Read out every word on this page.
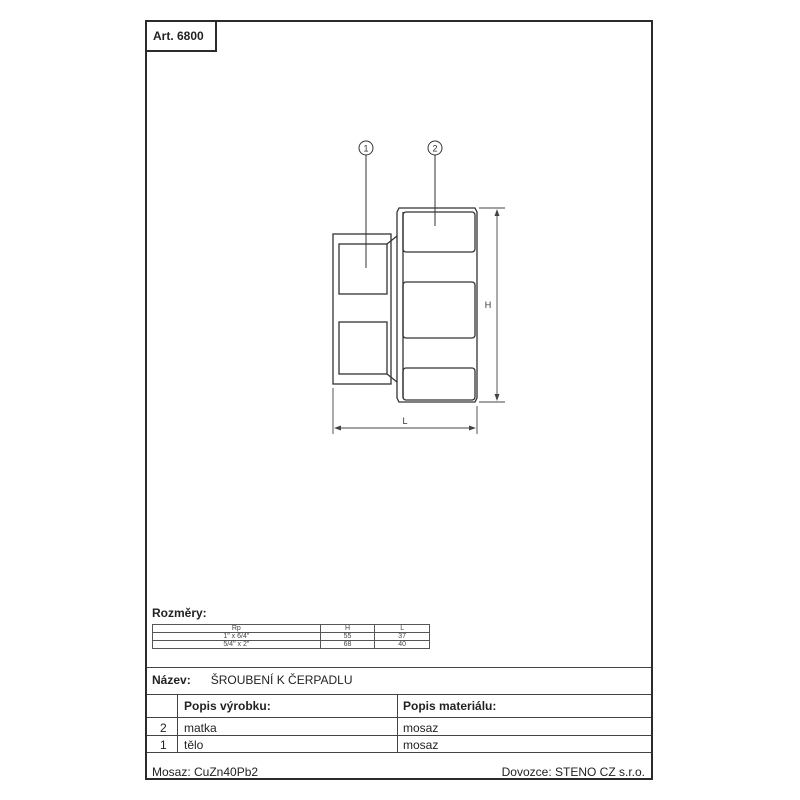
Art. 6800
1	2
H
L
Rozměry:
Rp	H	L
1" x 6/4"	55	37
5/4" x 2"	68	40
Název: ŠROUBENÍ K ČERPADLU
Popis výrobku:	Popis materiálu:
2 matka	mosaz
1 tělo	mosaz
Mosaz: CuZn40Pb2	Dovozce: STENO CZ s.r.o.
